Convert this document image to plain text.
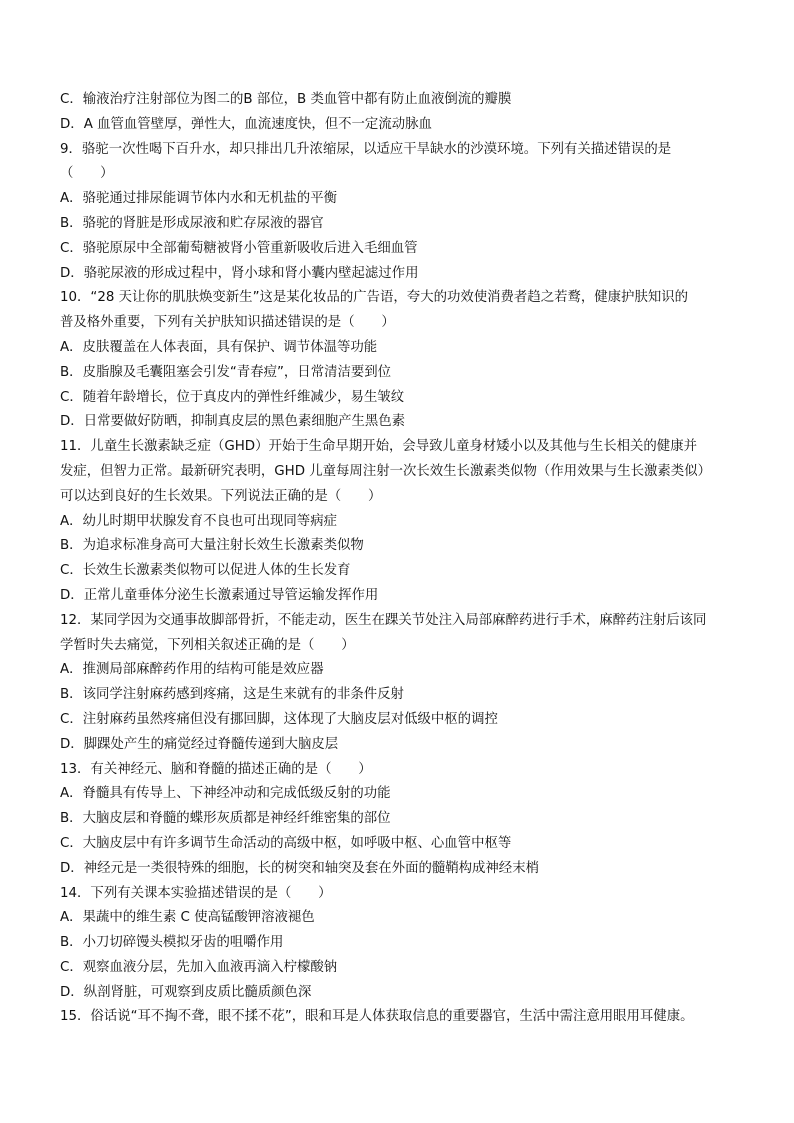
C．输液治疗注射部位为图二的B 部位，B 类血管中都有防止血液倒流的瓣膜
D．A 血管血管壁厚，弹性大，血流速度快，但不一定流动脉血
9．骆驼一次性喝下百升水，却只排出几升浓缩尿，以适应干旱缺水的沙漠环境。下列有关描述错误的是
（　　）
A．骆驼通过排尿能调节体内水和无机盐的平衡
B．骆驼的肾脏是形成尿液和贮存尿液的器官
C．骆驼原尿中全部葡萄糖被肾小管重新吸收后进入毛细血管
D．骆驼尿液的形成过程中，肾小球和肾小囊内壁起滤过作用
10．“28 天让你的肌肤焕变新生”这是某化妆品的广告语，夸大的功效使消费者趋之若鹜，健康护肤知识的
普及格外重要，下列有关护肤知识描述错误的是（　　）
A．皮肤覆盖在人体表面，具有保护、调节体温等功能
B．皮脂腺及毛囊阻塞会引发“青春痘”，日常清洁要到位
C．随着年龄增长，位于真皮内的弹性纤维减少，易生皱纹
D．日常要做好防晒，抑制真皮层的黑色素细胞产生黑色素
11．儿童生长激素缺乏症（GHD）开始于生命早期开始，会导致儿童身材矮小以及其他与生长相关的健康并
发症，但智力正常。最新研究表明，GHD 儿童每周注射一次长效生长激素类似物（作用效果与生长激素类似）
可以达到良好的生长效果。下列说法正确的是（　　）
A．幼儿时期甲状腺发育不良也可出现同等病症
B．为追求标准身高可大量注射长效生长激素类似物
C．长效生长激素类似物可以促进人体的生长发育
D．正常儿童垂体分泌生长激素通过导管运输发挥作用
12．某同学因为交通事故脚部骨折，不能走动，医生在踝关节处注入局部麻醉药进行手术，麻醉药注射后该同
学暂时失去痛觉，下列相关叙述正确的是（　　）
A．推测局部麻醉药作用的结构可能是效应器
B．该同学注射麻药感到疼痛，这是生来就有的非条件反射
C．注射麻药虽然疼痛但没有挪回脚，这体现了大脑皮层对低级中枢的调控
D．脚踝处产生的痛觉经过脊髓传递到大脑皮层
13．有关神经元、脑和脊髓的描述正确的是（　　）
A．脊髓具有传导上、下神经冲动和完成低级反射的功能
B．大脑皮层和脊髓的蝶形灰质都是神经纤维密集的部位
C．大脑皮层中有许多调节生命活动的高级中枢，如呼吸中枢、心血管中枢等
D．神经元是一类很特殊的细胞，长的树突和轴突及套在外面的髓鞘构成神经末梢
14．下列有关课本实验描述错误的是（　　）
A．果蔬中的维生素 C 使高锰酸钾溶液褪色
B．小刀切碎馒头模拟牙齿的咀嚼作用
C．观察血液分层，先加入血液再滴入柠檬酸钠
D．纵剖肾脏，可观察到皮质比髓质颜色深
15．俗话说“耳不掏不聋，眼不揉不花”，眼和耳是人体获取信息的重要器官，生活中需注意用眼用耳健康。
